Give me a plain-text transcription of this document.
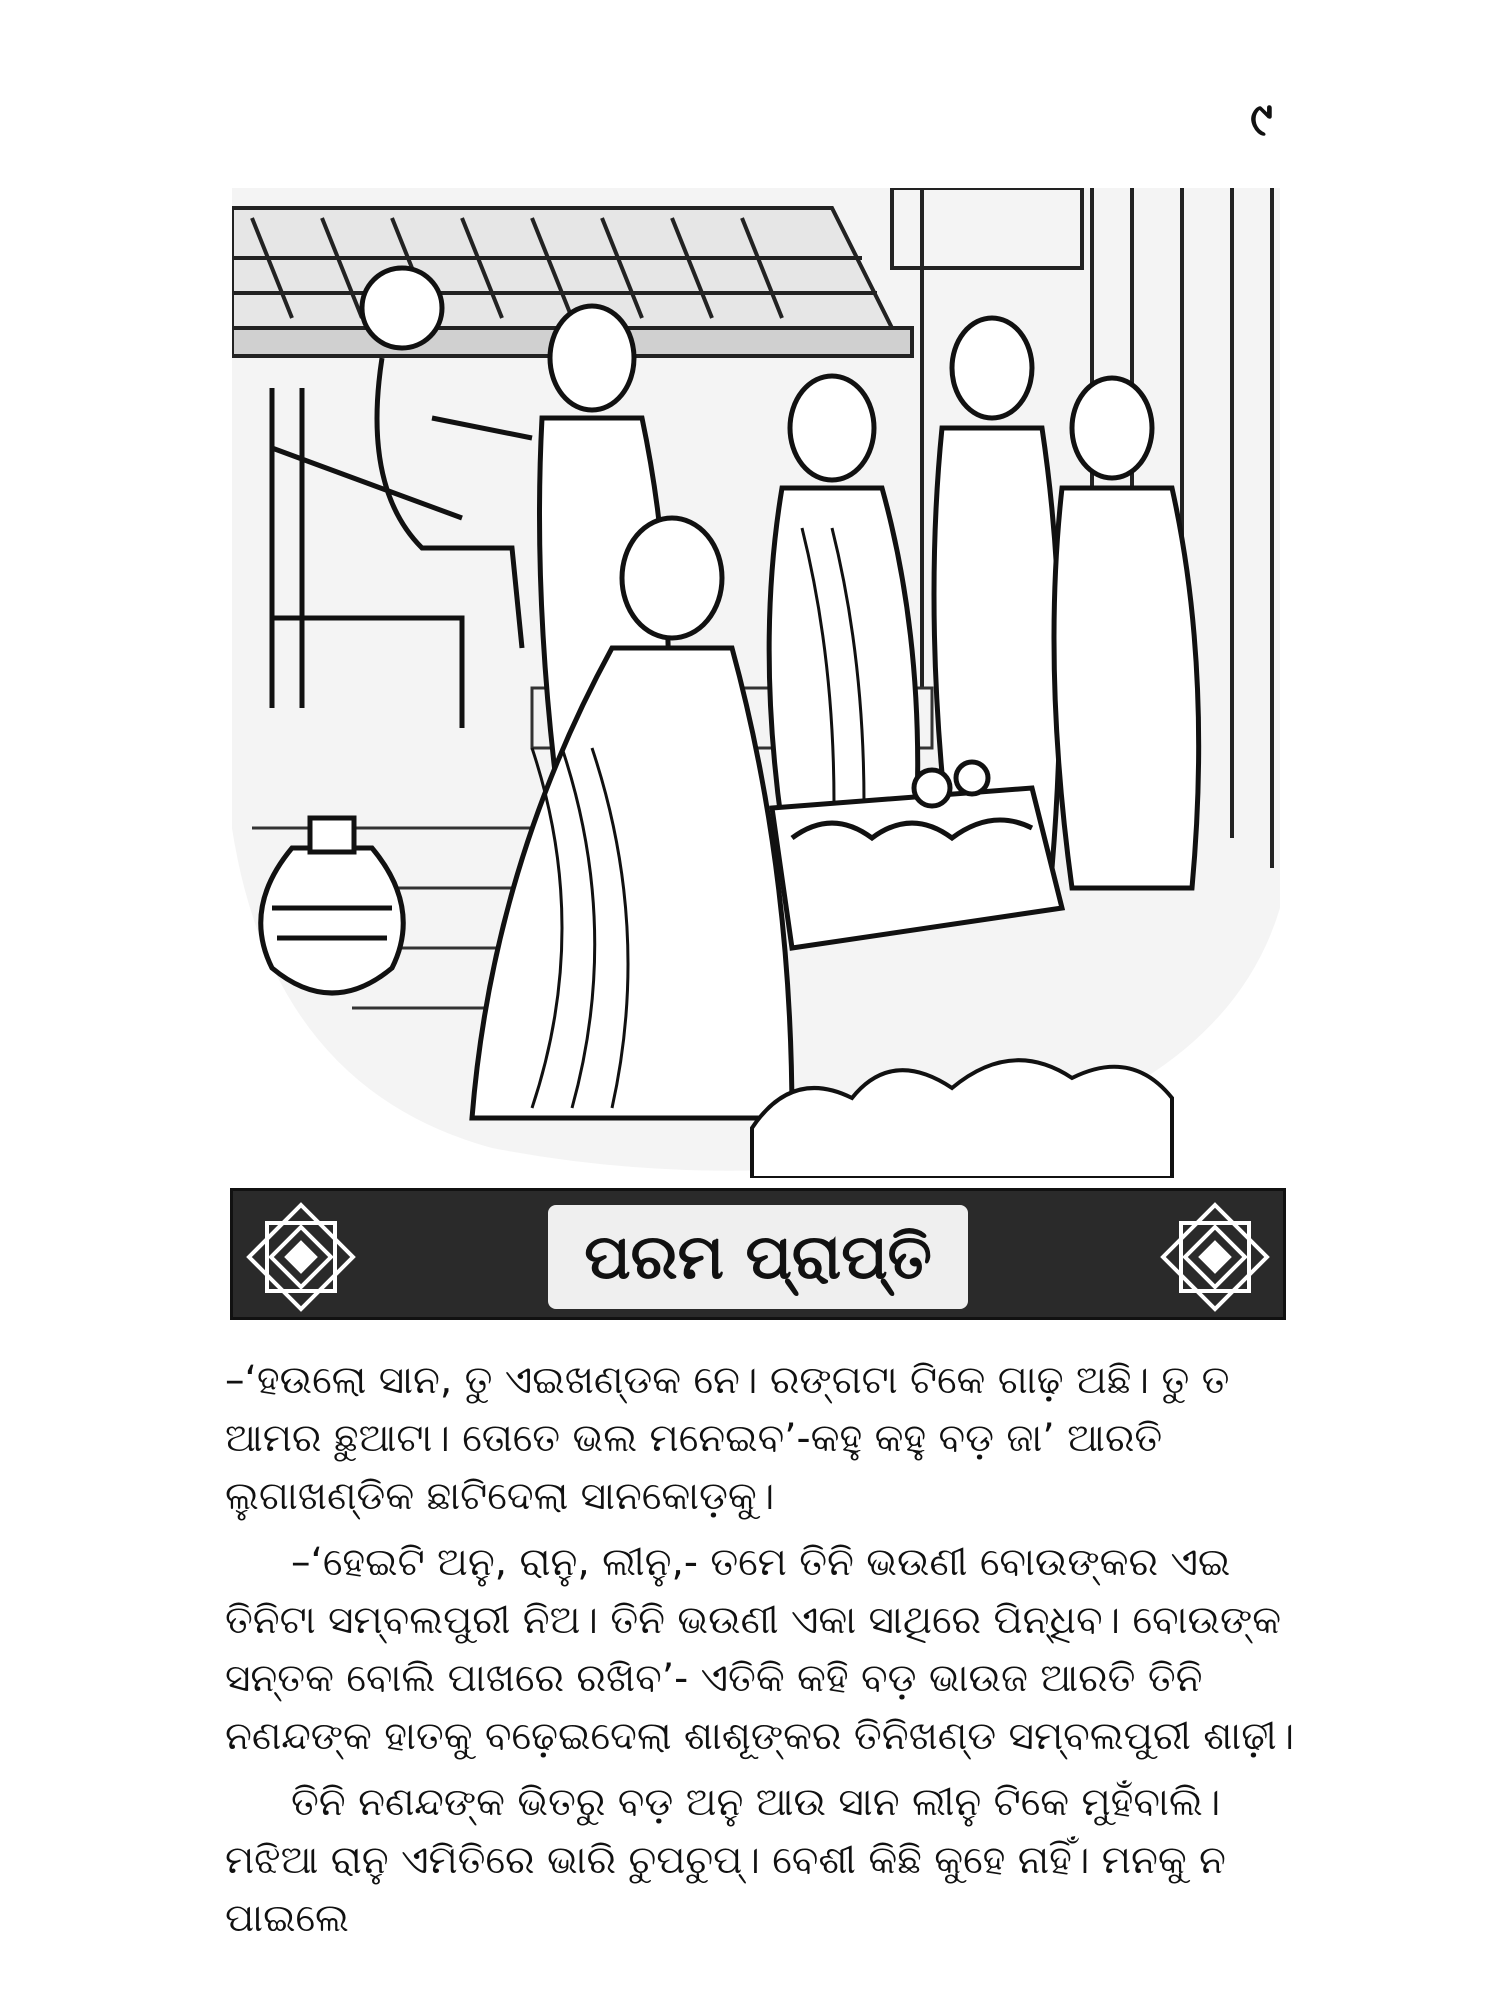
୯
ପରମ ପ୍ରାପ୍ତି

–‘ହଉଲୋ ସାନ, ତୁ ଏଇଖଣ୍ଡକ ନେ। ରଙ୍ଗଟା ଟିକେ ଗାଢ଼ ଅଛି। ତୁ ତ ଆମର ଛୁଆଟା। ତୋତେ ଭଲ ମନେଇବ’-କହୁ କହୁ ବଡ଼ ଜା’ ଆରତି ଲୁଗାଖଣ୍ଡିକ ଛାଟିଦେଲା ସାନକୋଡ଼କୁ।

–‘ହେଇଟି ଅନୁ, ରାନୁ, ଲୀନୁ,- ତମେ ତିନି ଭଉଣୀ ବୋଉଙ୍କର ଏଇ ତିନିଟା ସମ୍ବଲପୁରୀ ନିଅ। ତିନି ଭଉଣୀ ଏକା ସାଥିରେ ପିନ୍ଧିବ। ବୋଉଙ୍କ ସନ୍ତକ ବୋଲି ପାଖରେ ରଖିବ’- ଏତିକି କହି ବଡ଼ ଭାଉଜ ଆରତି ତିନି ନଣନ୍ଦଙ୍କ ହାତକୁ ବଢ଼େଇଦେଲା ଶାଶୂଙ୍କର ତିନିଖଣ୍ଡ ସମ୍ବଲପୁରୀ ଶାଢ଼ୀ।

ତିନି ନଣନ୍ଦଙ୍କ ଭିତରୁ ବଡ଼ ଅନୁ ଆଉ ସାନ ଲୀନୁ ଟିକେ ମୁହଁବାଲି। ମଝିଆ ରାନୁ ଏମିତିରେ ଭାରି ଚୁପଚୁପ୍। ବେଶୀ କିଛି କୁହେ ନାହିଁ। ମନକୁ ନ ପାଇଲେ
